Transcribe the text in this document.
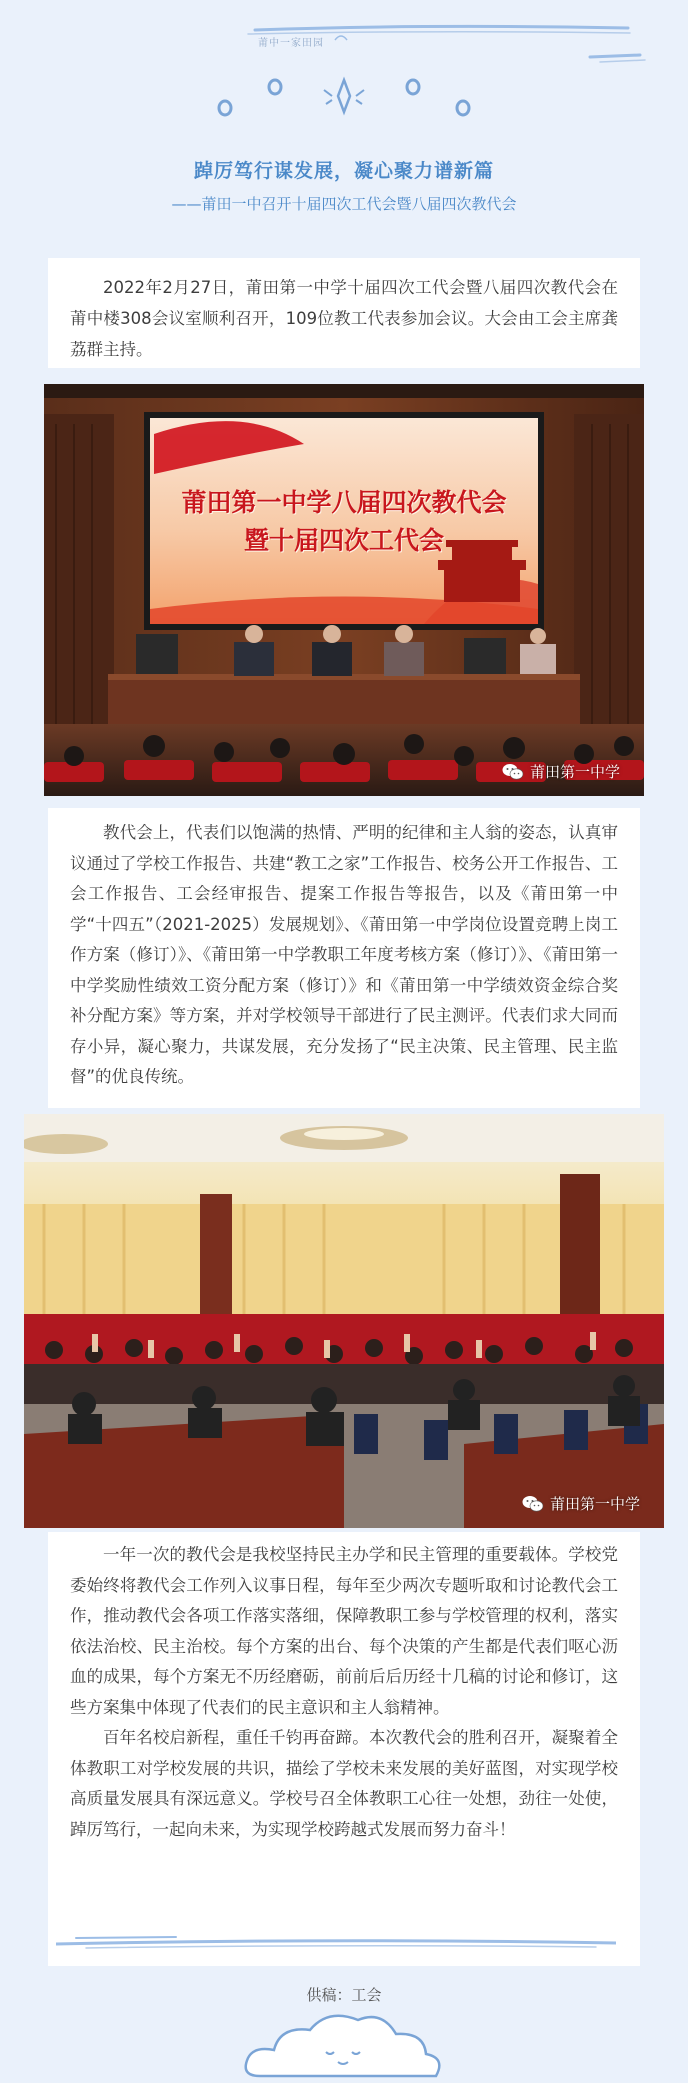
莆中一家田园
踔厉笃行谋发展，凝心聚力谱新篇
——莆田一中召开十届四次工代会暨八届四次教代会

2022年2月27日，莆田第一中学十届四次工代会暨八届四次教代会在莆中楼308会议室顺利召开，109位教工代表参加会议。大会由工会主席龚荔群主持。

莆田第一中学八届四次教代会
暨十届四次工代会
莆田第一中学

教代会上，代表们以饱满的热情、严明的纪律和主人翁的姿态，认真审议通过了学校工作报告、共建“教工之家”工作报告、校务公开工作报告、工会工作报告、工会经审报告、提案工作报告等报告，以及《莆田第一中学“十四五”（2021-2025）发展规划》、《莆田第一中学岗位设置竞聘上岗工作方案（修订）》、《莆田第一中学教职工年度考核方案（修订）》、《莆田第一中学奖励性绩效工资分配方案（修订）》和《莆田第一中学绩效资金综合奖补分配方案》等方案，并对学校领导干部进行了民主测评。代表们求大同而存小异，凝心聚力，共谋发展，充分发扬了“民主决策、民主管理、民主监督”的优良传统。

莆田第一中学

一年一次的教代会是我校坚持民主办学和民主管理的重要载体。学校党委始终将教代会工作列入议事日程，每年至少两次专题听取和讨论教代会工作，推动教代会各项工作落实落细，保障教职工参与学校管理的权利，落实依法治校、民主治校。每个方案的出台、每个决策的产生都是代表们呕心沥血的成果，每个方案无不历经磨砺，前前后后历经十几稿的讨论和修订，这些方案集中体现了代表们的民主意识和主人翁精神。

百年名校启新程，重任千钧再奋蹄。本次教代会的胜利召开，凝聚着全体教职工对学校发展的共识，描绘了学校未来发展的美好蓝图，对实现学校高质量发展具有深远意义。学校号召全体教职工心往一处想，劲往一处使，踔厉笃行，一起向未来，为实现学校跨越式发展而努力奋斗！

供稿：工会
